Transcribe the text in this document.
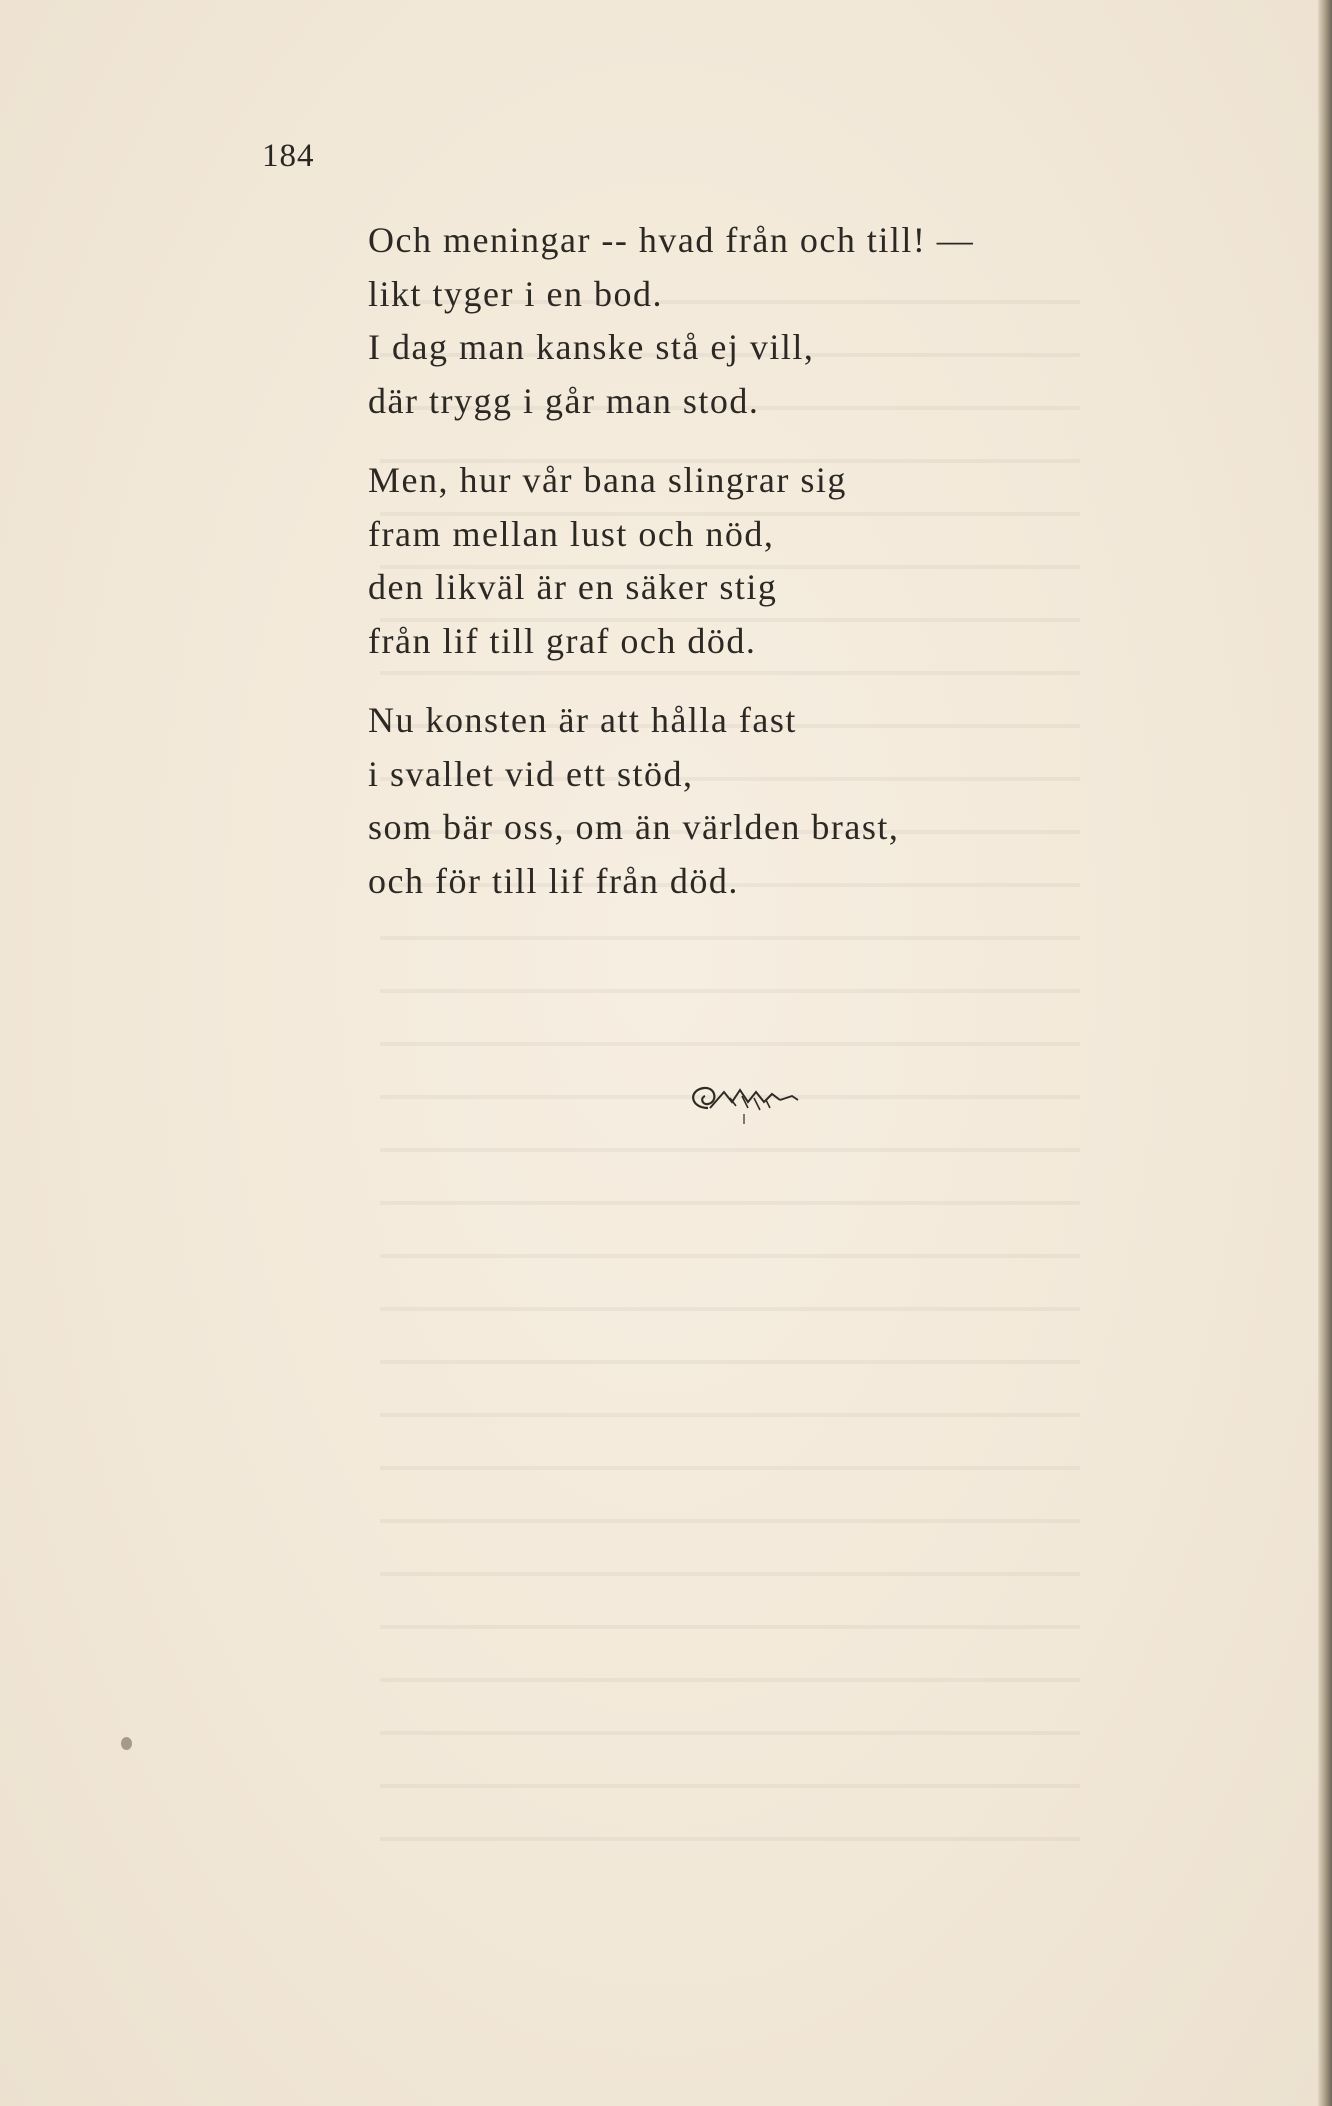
184

Och meningar -- hvad från och till! —
likt tyger i en bod.
I dag man kanske stå ej vill,
där trygg i går man stod.
Men, hur vår bana slingrar sig
fram mellan lust och nöd,
den likväl är en säker stig
från lif till graf och död.
Nu konsten är att hålla fast
i svallet vid ett stöd,
som bär oss, om än världen brast,
och för till lif från död.
